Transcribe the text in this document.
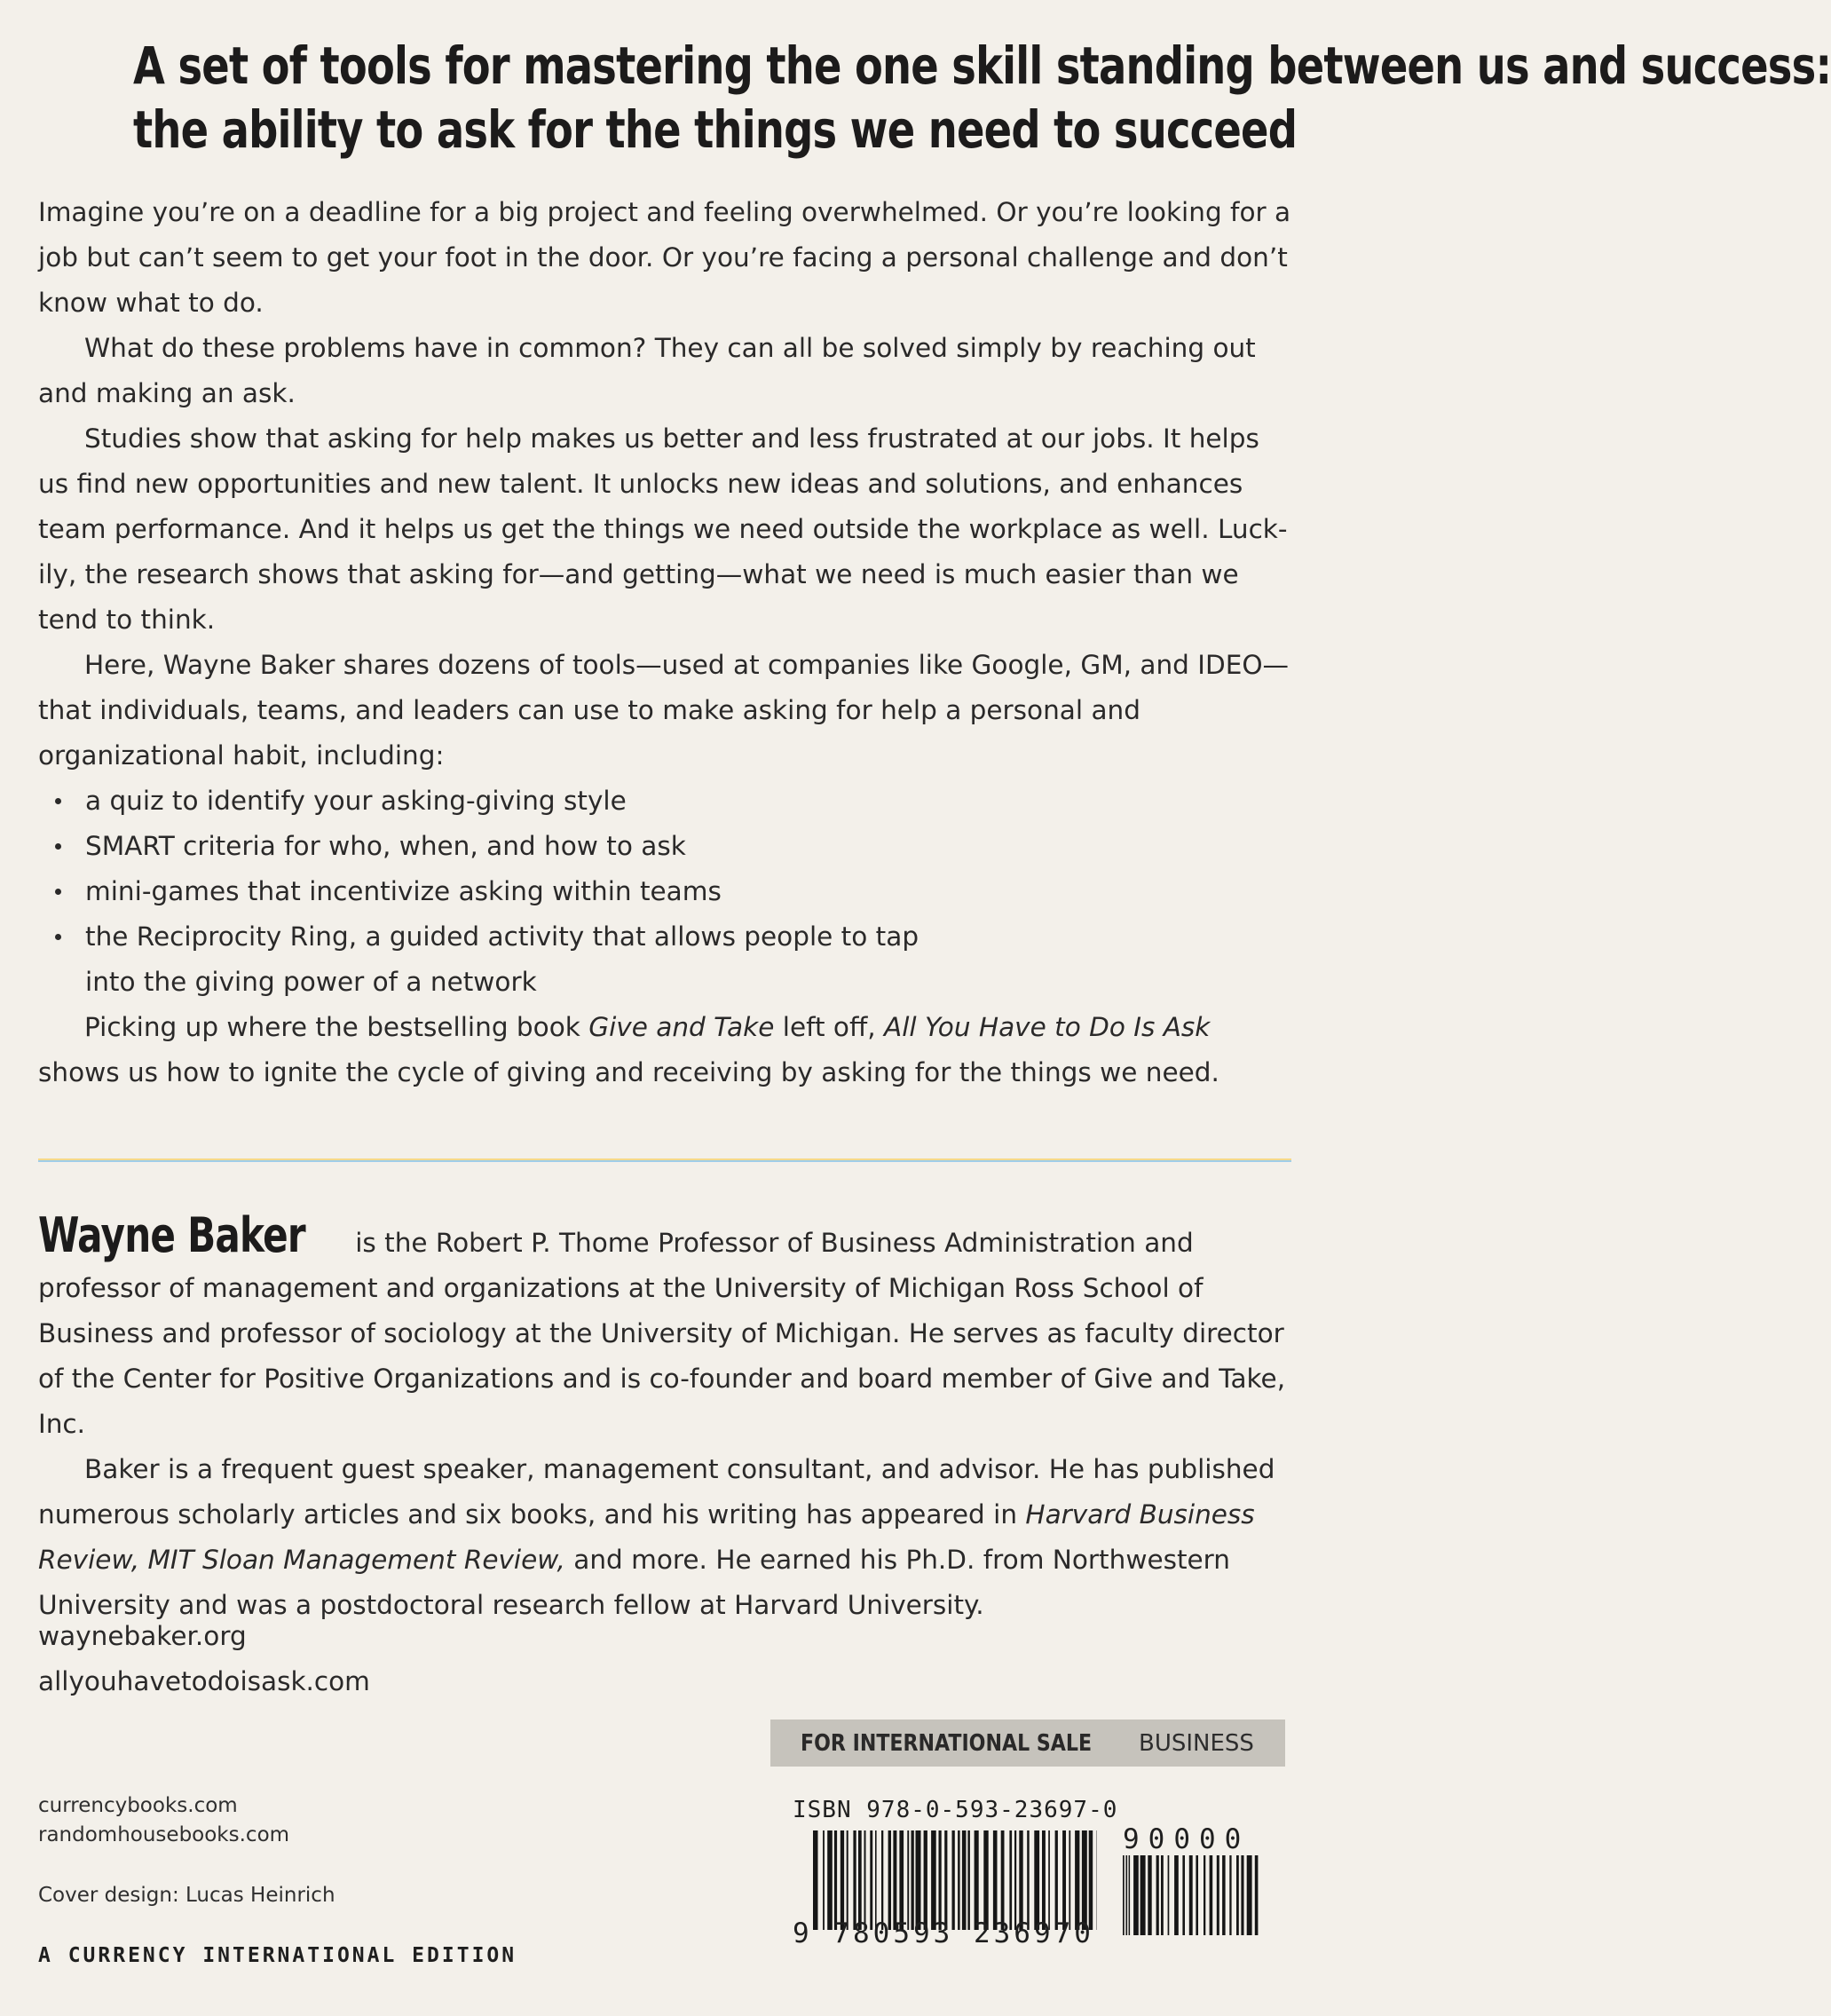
A set of tools for mastering the one skill standing between us and success:
the ability to ask for the things we need to succeed

Imagine you’re on a deadline for a big project and feeling overwhelmed. Or you’re looking for a job but can’t seem to get your foot in the door. Or you’re facing a personal challenge and don’t know what to do.

What do these problems have in common? They can all be solved simply by reaching out and making an ask.

Studies show that asking for help makes us better and less frustrated at our jobs. It helps us find new opportunities and new talent. It unlocks new ideas and solutions, and enhances team performance. And it helps us get the things we need outside the workplace as well. Luckily, the research shows that asking for—and getting—what we need is much easier than we tend to think.

Here, Wayne Baker shares dozens of tools—used at companies like Google, GM, and IDEO—that individuals, teams, and leaders can use to make asking for help a personal and organizational habit, including:

a quiz to identify your asking-giving style
SMART criteria for who, when, and how to ask
mini-games that incentivize asking within teams
the Reciprocity Ring, a guided activity that allows people to tap into the giving power of a network

Picking up where the bestselling book Give and Take left off, All You Have to Do Is Ask shows us how to ignite the cycle of giving and receiving by asking for the things we need.

Wayne Baker is the Robert P. Thome Professor of Business Administration and professor of management and organizations at the University of Michigan Ross School of Business and professor of sociology at the University of Michigan. He serves as faculty director of the Center for Positive Organizations and is co-founder and board member of Give and Take, Inc.

Baker is a frequent guest speaker, management consultant, and advisor. He has published numerous scholarly articles and six books, and his writing has appeared in Harvard Business Review, MIT Sloan Management Review, and more. He earned his Ph.D. from Northwestern University and was a postdoctoral research fellow at Harvard University.

waynebaker.org
allyouhavetodoisask.com
FOR INTERNATIONAL SALE BUSINESS
ISBN 978-0-593-23697-0
90000
9 780593 236970
currencybooks.com
randomhousebooks.com
Cover design: Lucas Heinrich
A CURRENCY INTERNATIONAL EDITION
